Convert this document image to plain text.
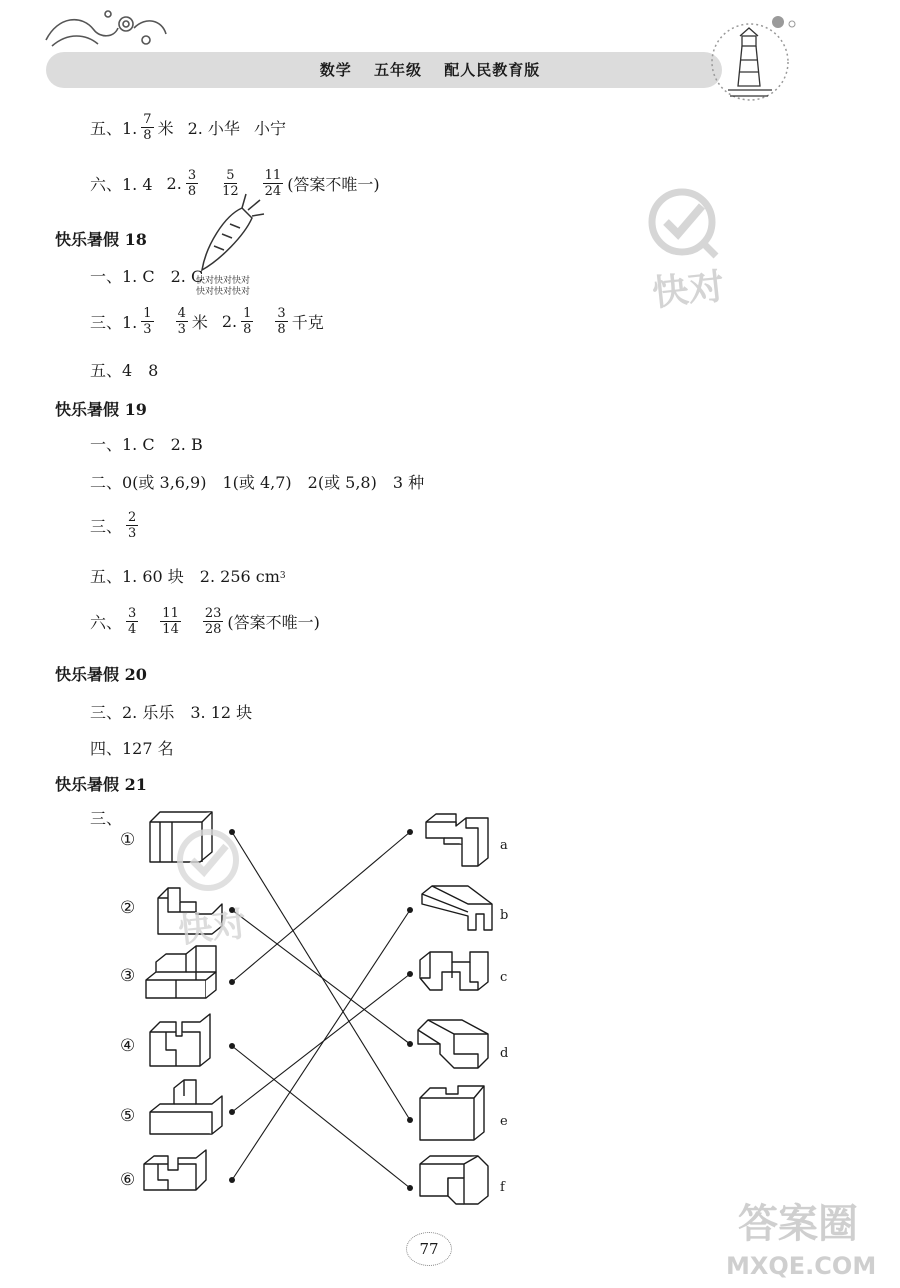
数学 五年级 配人民教育版
快对
快对快对快对
快对快对快对
五、1. $\frac{7}{8}$ 米 2. 小华 小宁
六、1. 4 2. $\frac{3}{8} \frac{5}{12} \frac{11}{24}$ (答案不唯一)
快乐暑假 18
一、1. C　2. C
三、1. $\frac{1}{3} \frac{4}{3}$ 米 2. $\frac{1}{8} \frac{3}{8}$ 千克
五、4　8
快乐暑假 19
一、1. C　2. B
二、0(或 3,6,9)　1(或 4,7)　2(或 5,8)　3 种
三、 $\frac{2}{3}$
五、1. 60 块　2. 256 cm 3
六、 $\frac{3}{4} \frac{11}{14} \frac{23}{28}$ (答案不唯一)
快乐暑假 20
三、2. 乐乐　3. 12 块
四、127 名
快乐暑假 21
三、
①
②
③
④
⑤
⑥
a
b
c
d
e
f
快对
77
答案圈
MXQE.COM
